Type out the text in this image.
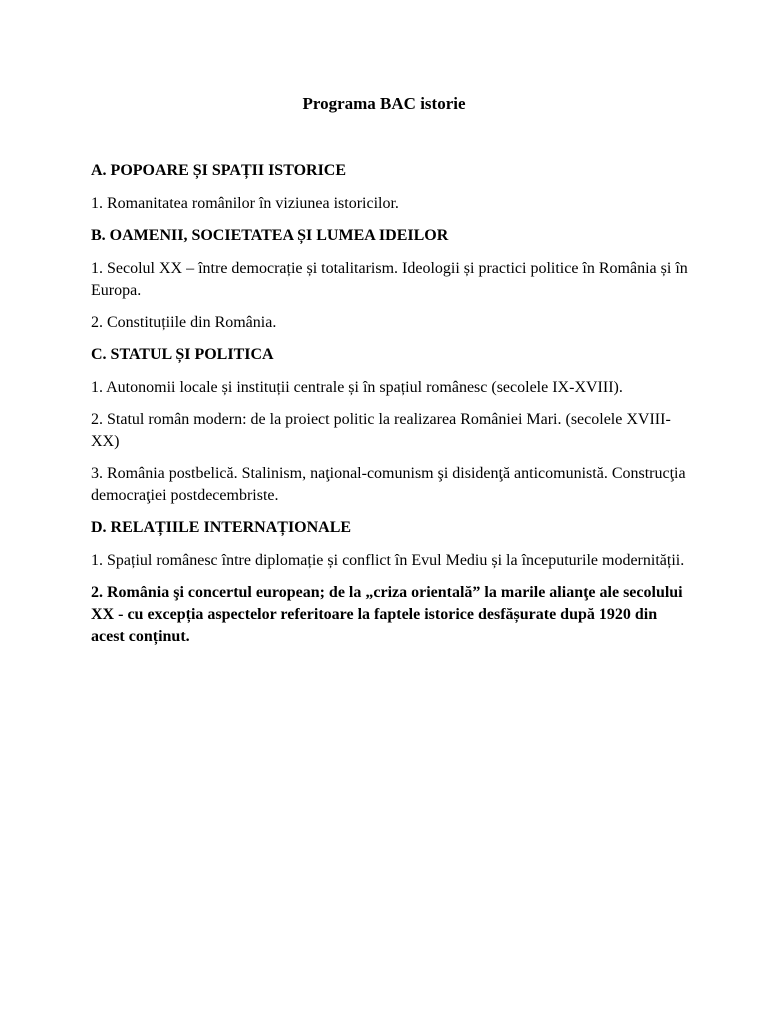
Programa BAC istorie

A. POPOARE ȘI SPAȚII ISTORICE

1. Romanitatea românilor în viziunea istoricilor.

B. OAMENII, SOCIETATEA ȘI LUMEA IDEILOR

1. Secolul XX – între democrație și totalitarism. Ideologii și practici politice în România și în Europa.

2. Constituțiile din România.

C. STATUL ȘI POLITICA

1. Autonomii locale și instituții centrale și în spațiul românesc (secolele IX-XVIII).

2. Statul român modern: de la proiect politic la realizarea României Mari. (secolele XVIII-XX)

3. România postbelică. Stalinism, naţional-comunism şi disidenţă anticomunistă. Construcţia democraţiei postdecembriste.

D. RELAȚIILE INTERNAȚIONALE

1. Spațiul românesc între diplomație și conflict în Evul Mediu și la începuturile modernității.

2. România şi concertul european; de la „criza orientală” la marile alianţe ale secolului XX - cu excepția aspectelor referitoare la faptele istorice desfășurate după 1920 din acest conținut.
